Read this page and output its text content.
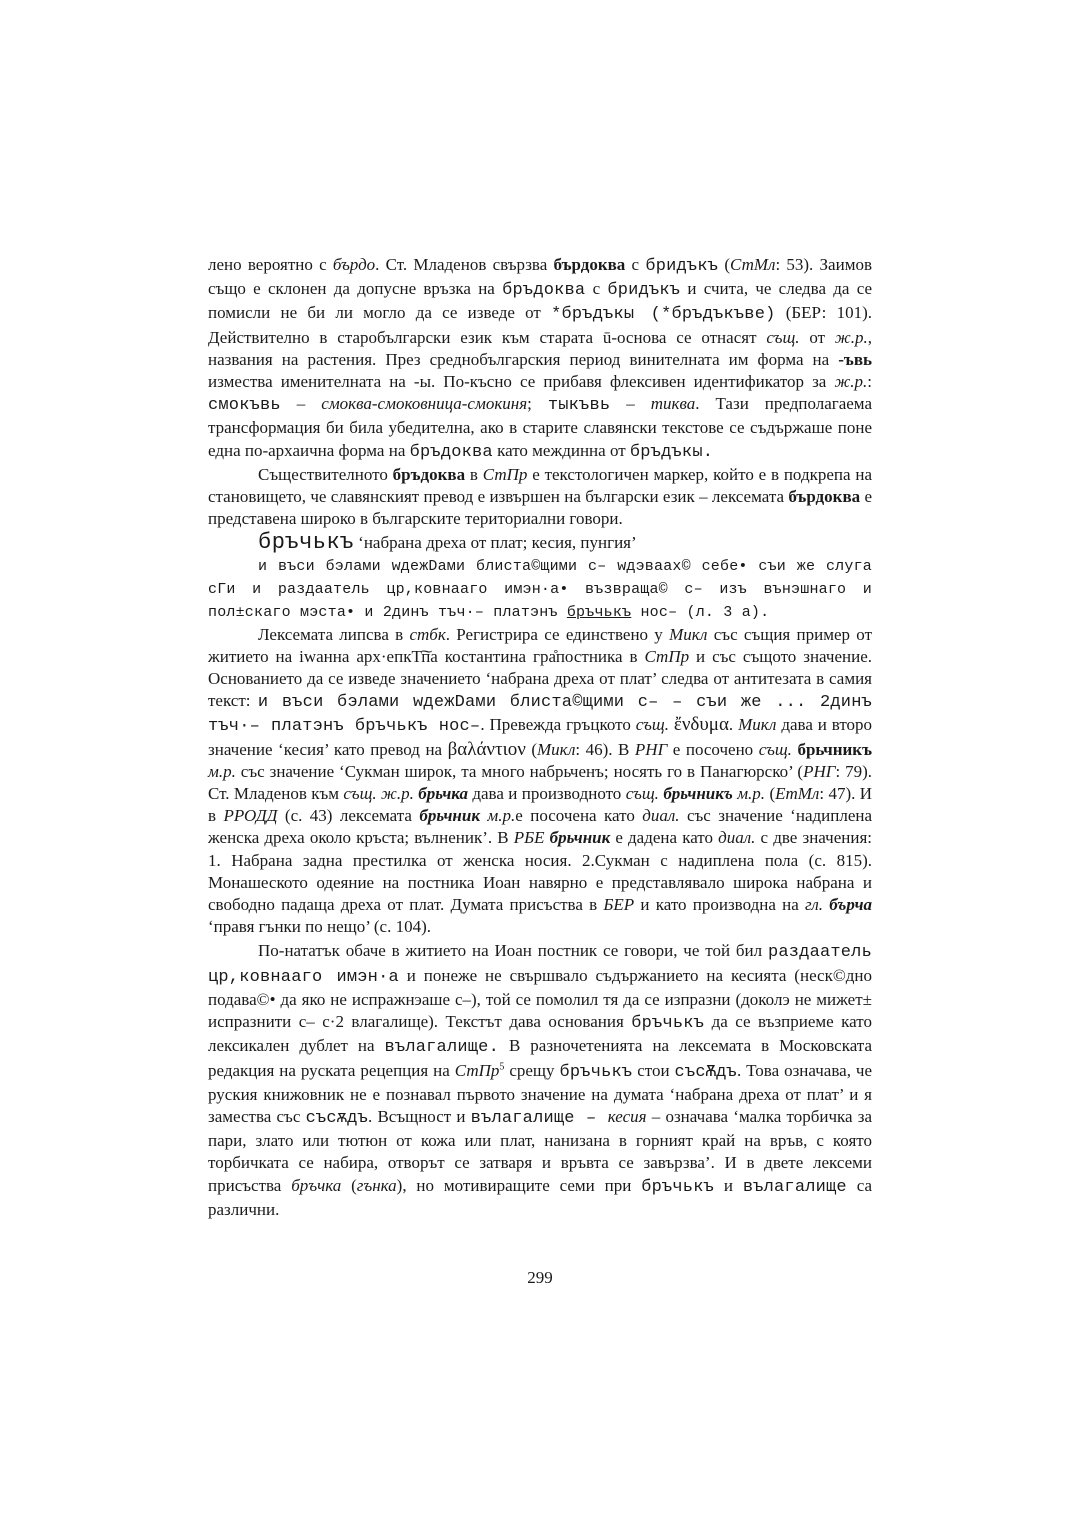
лено вероятно с бърдо. Ст. Младенов свързва бърдоквa с бридъкъ (СтМл: 53). Заимов също е склонен да допусне връзка на бръдоква с бридъкъ и счита, че следва да се помисли не би ли могло да се изведе от *бръдъкы (*бръдъкъве) (БЕР: 101). Действително в старобългарски език към старата ū-основа се отнасят същ. от ж.р., названия на растения. През среднобългарския период винителната им форма на -ъвь измества именителната на -ы. По-късно се прибавя флексивен идентификатор за ж.р.: смокъвь – смоква-смоковница-смокиня; тыкъвь – тиква. Тази предполагаема трансформация би била убедителна, ако в старите славянски текстове се съдържаше поне една по-архаична форма на бръдоква като междинна от бръдъкы.

Съществителното бръдоква в СтПр е текстологичен маркер, който е в подкрепа на становището, че славянският превод е извършен на български език – лексемата бърдоква е представена широко в българските териториални говори.

бръчькъ ‘набрана дреха от плат; кесия, пунгия’

и въси бэлами wдежDами блиста©щими с– wдэвааx© себе• съи же слуга сГи и раздаатель цр,ковнааго имэн·а• възвраща© с– изъ вънэшнаго и пол±скаго мэста• и 2динъ тъч·– платэнъ бръчькъ нос– (л. 3 а).

Лексемата липсва в стбк. Регистрира се единствено у Микл със същия пример от житието на iwанна арх·епкТ͠па костантина гра̊постника в СтПр и със същото значение. Основанието да се изведе значението ‘набрана дреха от плат’ следва от антитезата в самия текст: и въси бэлами wдежDами блиста©щими с– – съи же ... 2динъ тъч·– платэнъ бръчькъ нос–. Превежда гръцкото същ. ἔνδυμα. Микл дава и второ значение ‘кесия’ като превод на βαλάντιον (Микл: 46). В РНГ е посочено същ. брьчникъ м.р. със значение ‘Сукман широк, та много набрьченъ; носять го в Панагюрско’ (РНГ: 79). Ст. Младенов към същ. ж.р. брьчка дава и производното същ. брьчникъ м.р. (ЕтМл: 47). И в РРОДД (с. 43) лексемата брьчник м.р.е посочена като диал. със значение ‘надиплена женска дреха около кръста; вълненик’. В РБЕ брьчник е дадена като диал. с две значения: 1. Набрана задна престилка от женска носия. 2.Сукман с надиплена пола (с. 815). Монашеското одеяние на постника Иоан навярно е представлявало широка набрана и свободно падаща дреха от плат. Думата присъства в БЕР и като производна на гл. бърча ‘правя гънки по нещо’ (с. 104).

По-нататък обаче в житието на Иоан постник се говори, че той бил раздаатель цр,ковнааго имэн·а и понеже не свършвало съдържанието на кесията (неск©дно подава©• да яко не испражнэаше с–), той се помолил тя да се изпразни (доколэ не мижет± испразнити с– с·2 влагалище). Текстът дава основания бръчькъ да се възприеме като лексикален дублет на вълагалище. В разночетенията на лексемата в Московската редакция на руската рецепция на СтПр$^5$ срещу бръчькъ стои съсѪдъ. Това означава, че руския книжовник не е познавал първото значение на думата ‘набрана дреха от плат’ и я замества със съсѫдъ. Всъщност и вълагалище – кесия – означава ‘малка торбичка за пари, злато или тютюн от кожа или плат, нанизана в горният край на връв, с която торбичката се набира, отворът се затваря и връвта се завързва’. И в двете лексеми присъства бръчка (гънка), но мотивиращите семи при бръчькъ и вълагалище са различни.

299
